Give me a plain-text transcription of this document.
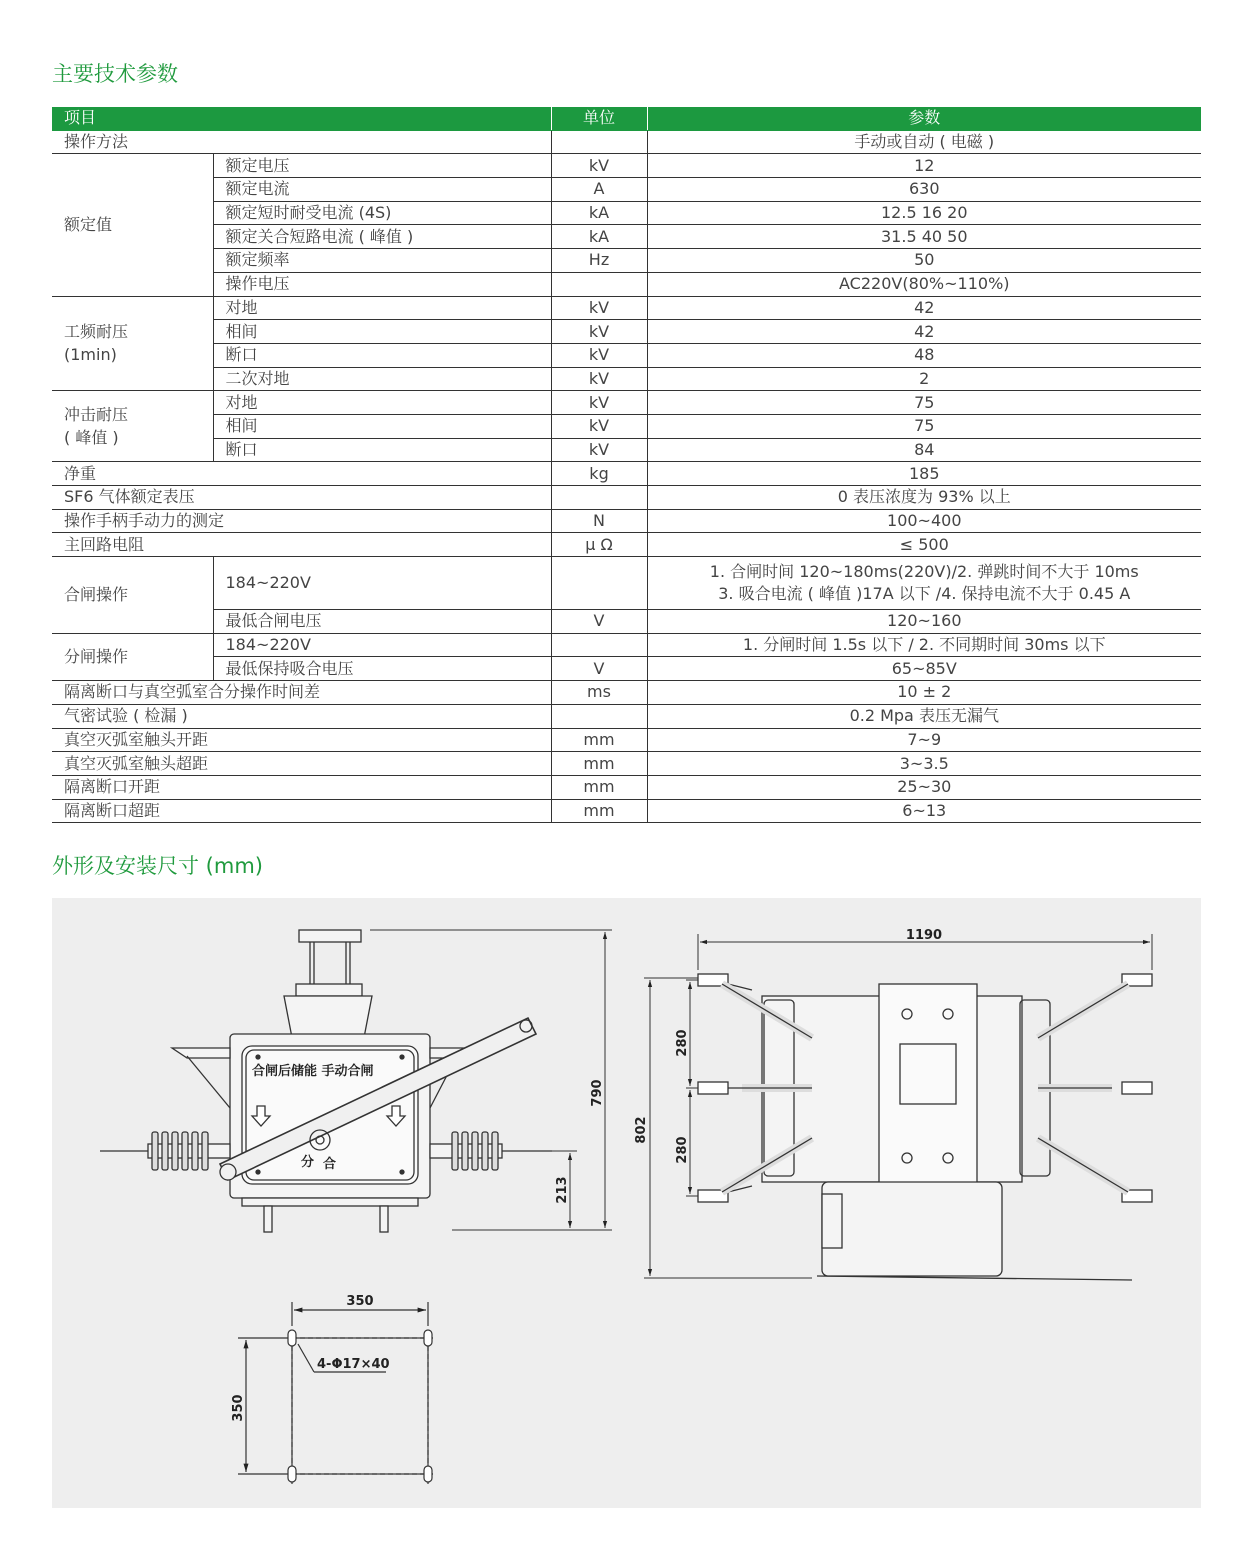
主要技术参数
项目		单位	参数
操作方法			手动或自动 ( 电磁 )
额定值	额定电压	kV	12
	额定电流	A	630
	额定短时耐受电流 (4S)	kA	12.5 16 20
	额定关合短路电流 ( 峰值 )	kA	31.5 40 50
	额定频率	Hz	50
	操作电压		AC220V(80%~110%)
工频耐压
(1min)	对地	kV	42
	相间	kV	42
	断口	kV	48
	二次对地	kV	2
冲击耐压
( 峰值 )	对地	kV	75
	相间	kV	75
	断口	kV	84
净重		kg	185
SF6 气体额定表压			0 表压浓度为 93% 以上
操作手柄手动力的测定		N	100~400
主回路电阻		μ Ω	≤ 500
合闸操作	184~220V		1. 合闸时间 120~180ms(220V)/2. 弹跳时间不大于 10ms
3. 吸合电流 ( 峰值 )17A 以下 /4. 保持电流不大于 0.45 A
	最低合闸电压	V	120~160
分闸操作	184~220V		1. 分闸时间 1.5s 以下 / 2. 不同期时间 30ms 以下
	最低保持吸合电压	V	65~85V
隔离断口与真空弧室合分操作时间差		ms	10 ± 2
气密试验 ( 检漏 )			0.2 Mpa 表压无漏气
真空灭弧室触头开距		mm	7~9
真空灭弧室触头超距		mm	3~3.5
隔离断口开距		mm	25~30
隔离断口超距		mm	6~13
外形及安装尺寸 (mm)
合闸后储能 手动合闸
分 合
790
213
1190
802
280
280
350
350
4-Φ17×40
